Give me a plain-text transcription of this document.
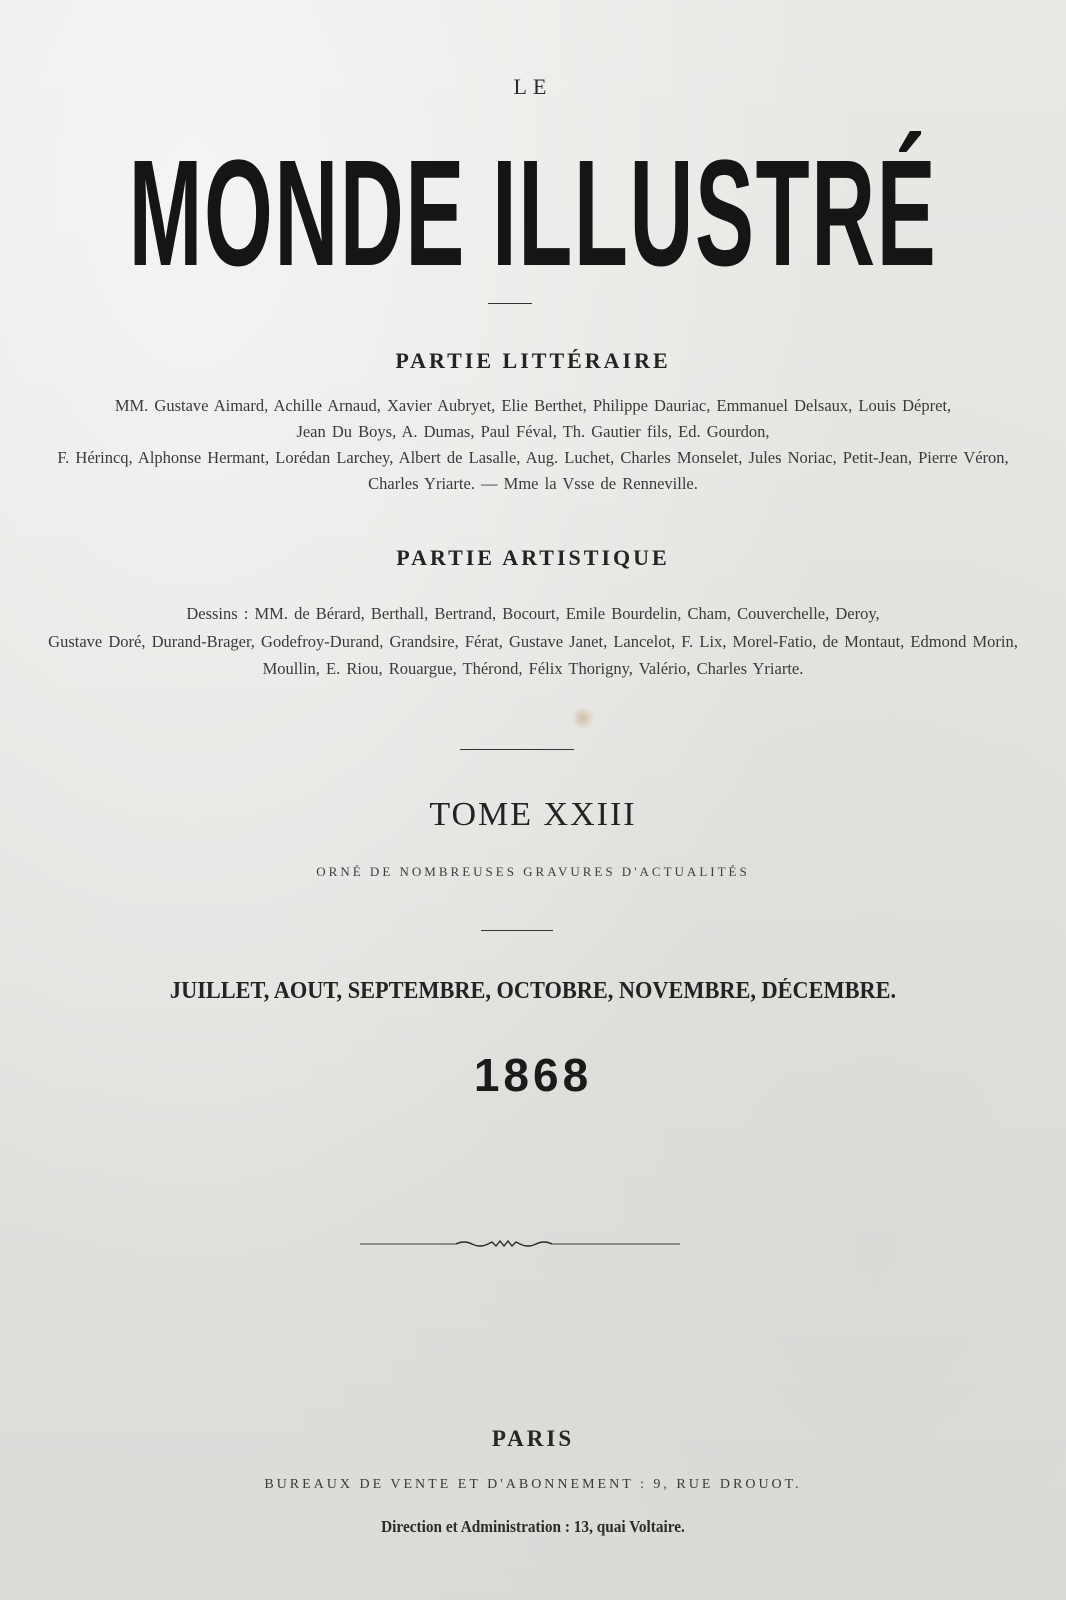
LE
MONDE ILLUSTRÉ
PARTIE LITTÉRAIRE
MM. Gustave Aimard, Achille Arnaud, Xavier Aubryet, Elie Berthet, Philippe Dauriac, Emmanuel Delsaux, Louis Dépret,
Jean Du Boys, A. Dumas, Paul Féval, Th. Gautier fils, Ed. Gourdon,
F. Hérincq, Alphonse Hermant, Lorédan Larchey, Albert de Lasalle, Aug. Luchet, Charles Monselet, Jules Noriac, Petit-Jean, Pierre Véron,
Charles Yriarte. — Mme la Vsse de Renneville.
PARTIE ARTISTIQUE
Dessins : MM. de Bérard, Berthall, Bertrand, Bocourt, Emile Bourdelin, Cham, Couverchelle, Deroy,
Gustave Doré, Durand-Brager, Godefroy-Durand, Grandsire, Férat, Gustave Janet, Lancelot, F. Lix, Morel-Fatio, de Montaut, Edmond Morin,
Moullin, E. Riou, Rouargue, Thérond, Félix Thorigny, Valério, Charles Yriarte.
TOME XXIII
ORNÉ DE NOMBREUSES GRAVURES D'ACTUALITÉS
JUILLET, AOUT, SEPTEMBRE, OCTOBRE, NOVEMBRE, DÉCEMBRE.
1868
PARIS
BUREAUX DE VENTE ET D'ABONNEMENT : 9, RUE DROUOT.
Direction et Administration : 13, quai Voltaire.
